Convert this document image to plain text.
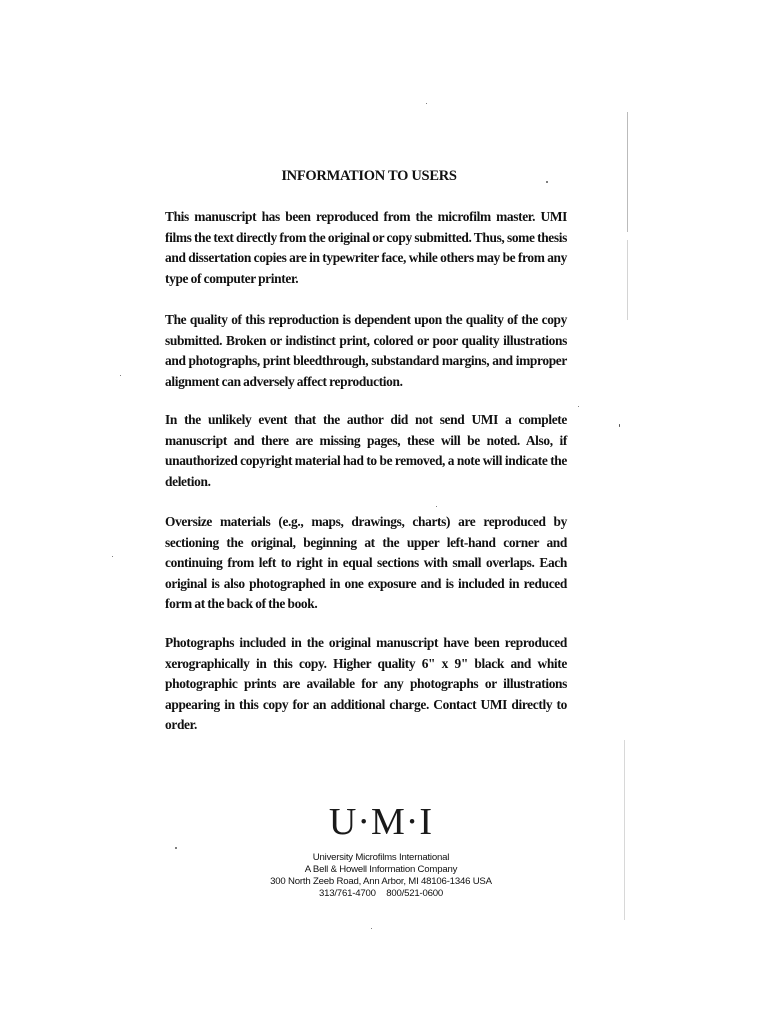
INFORMATION TO USERS
This manuscript has been reproduced from the microfilm master. UMI films the text directly from the original or copy submitted. Thus, some thesis and dissertation copies are in typewriter face, while others may be from any type of computer printer.
The quality of this reproduction is dependent upon the quality of the copy submitted. Broken or indistinct print, colored or poor quality illustrations and photographs, print bleedthrough, substandard margins, and improper alignment can adversely affect reproduction.
In the unlikely event that the author did not send UMI a complete manuscript and there are missing pages, these will be noted. Also, if unauthorized copyright material had to be removed, a note will indicate the deletion.
Oversize materials (e.g., maps, drawings, charts) are reproduced by sectioning the original, beginning at the upper left-hand corner and continuing from left to right in equal sections with small overlaps. Each original is also photographed in one exposure and is included in reduced form at the back of the book.
Photographs included in the original manuscript have been reproduced xerographically in this copy. Higher quality 6" x 9" black and white photographic prints are available for any photographs or illustrations appearing in this copy for an additional charge. Contact UMI directly to order.
U·M·I
University Microfilms International
A Bell & Howell Information Company
300 North Zeeb Road, Ann Arbor, MI 48106-1346 USA
313/761-4700 800/521-0600
